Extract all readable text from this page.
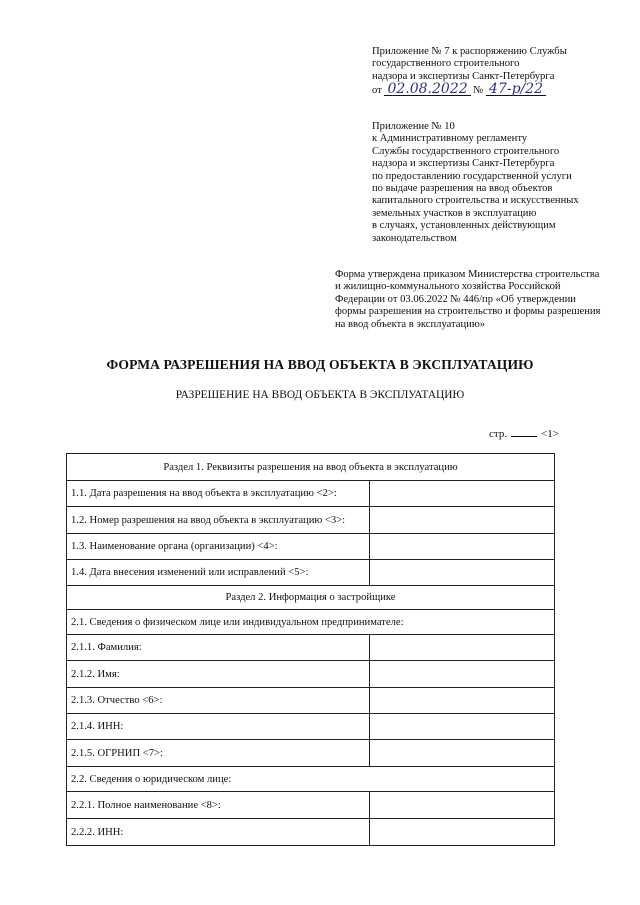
Приложение № 7 к распоряжению Службы
государственного строительного
надзора и экспертизы Санкт-Петербурга
от 02.08.2022 № 47-р/22
Приложение № 10
к Административному регламенту
Службы государственного строительного
надзора и экспертизы Санкт-Петербурга
по предоставлению государственной услуги
по выдаче разрешения на ввод объектов
капитального строительства и искусственных
земельных участков в эксплуатацию
в случаях, установленных действующим
законодательством
Форма утверждена приказом Министерства строительства
и жилищно-коммунального хозяйства Российской
Федерации от 03.06.2022 № 446/пр «Об утверждении
формы разрешения на строительство и формы разрешения
на ввод объекта в эксплуатацию»
ФОРМА РАЗРЕШЕНИЯ НА ВВОД ОБЪЕКТА В ЭКСПЛУАТАЦИЮ
РАЗРЕШЕНИЕ НА ВВОД ОБЪЕКТА В ЭКСПЛУАТАЦИЮ
стр.	<1>
Раздел 1. Реквизиты разрешения на ввод объекта в эксплуатацию	
1.1. Дата разрешения на ввод объекта в эксплуатацию <2>:	
1.2. Номер разрешения на ввод объекта в эксплуатацию <3>:	
1.3. Наименование органа (организации) <4>:	
1.4. Дата внесения изменений или исправлений <5>:	
Раздел 2. Информация о застройщике	
2.1. Сведения о физическом лице или индивидуальном предпринимателе:	
2.1.1. Фамилия:	
2.1.2. Имя:	
2.1.3. Отчество <6>:	
2.1.4. ИНН:	
2.1.5. ОГРНИП <7>:	
2.2. Сведения о юридическом лице:	
2.2.1. Полное наименование <8>:	
2.2.2. ИНН:	
